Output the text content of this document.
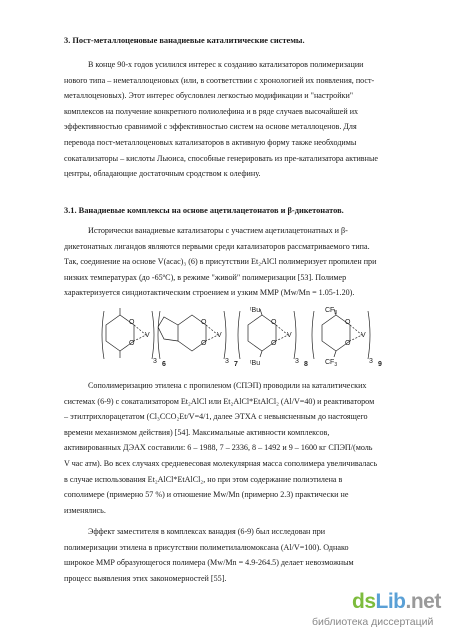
3. Пост-металлоценовые ванадиевые каталитические системы.
В конце 90-х годов усилился интерес к созданию катализаторов полимеризации
нового типа – неметаллоценовых (или, в соответствии с хронологией их появления, пост-
металлоценовых). Этот интерес обусловлен легкостью модификации и "настройки"
комплексов на получение конкретного полиолефина и в ряде случаев высочайшей их
эффективностью сравнимой с эффективностью систем на основе металлоценов. Для
перевода пост-металлоценовых катализаторов в активную форму также необходимы
сокатализаторы – кислоты Льюиса, способные генерировать из пре-катализатора активные
центры, обладающие достаточным сродством к олефину.
3.1. Ванадиевые комплексы на основе ацетилацетонатов и β-дикетонатов.
Исторически ванадиевые катализаторы с участием ацетилацетонатных и β-
дикетонатных лигандов являются первыми среди катализаторов рассматриваемого типа.
Так, соединение на основе V(acac)₃ (6) в присутствии Et₂AlCl полимеризует пропилен при
низких температурах (до -65ºC), в режиме "живой" полимеризации [53]. Полимер
характеризуется синдиотактическим строением и узким ММР (Mw/Mn = 1.05-1.20).
O
O
V
3 6
O
O
V
3 7
ᵗBu
ᵗBu
O
O
V
3 8
$CF_3$
$CF_3$
O
O
V
3 9
Сополимеризацию этилена с пропиленом (СПЭП) проводили на каталитических
системах (6-9) с сокатализатором Et₂AlCl или Et₂AlCl*EtAlCl₂ (Al/V=40) и реактиватором
– этилтрихлорацетатом (Cl₃CCO₂Et/V=4/1, далее ЭТХА с невыясненным до настоящего
времени механизмом действия) [54]. Максимальные активности комплексов,
активированных ДЭАХ составили: 6 – 1988, 7 – 2336, 8 – 1492 и 9 – 1600 кг СПЭП/(моль
V час атм). Во всех случаях средневесовая молекулярная масса сополимера увеличивалась
в случае использования Et₂AlCl*EtAlCl₂, но при этом содержание полиэтилена в
сополимере (примерно 57 %) и отношение Mw/Mn (примерно 2.3) практически не
изменялись.
Эффект заместителя в комплексах ванадия (6-9) был исследован при
полимеризации этилена в присутствии полиметилалюмоксана (Al/V=100). Однако
широкое ММР образующегося полимера (Mw/Mn = 4.9-264.5) делает невозможным
процесс выявления этих закономерностей [55].
dsLib.net
библиотека диссертаций
